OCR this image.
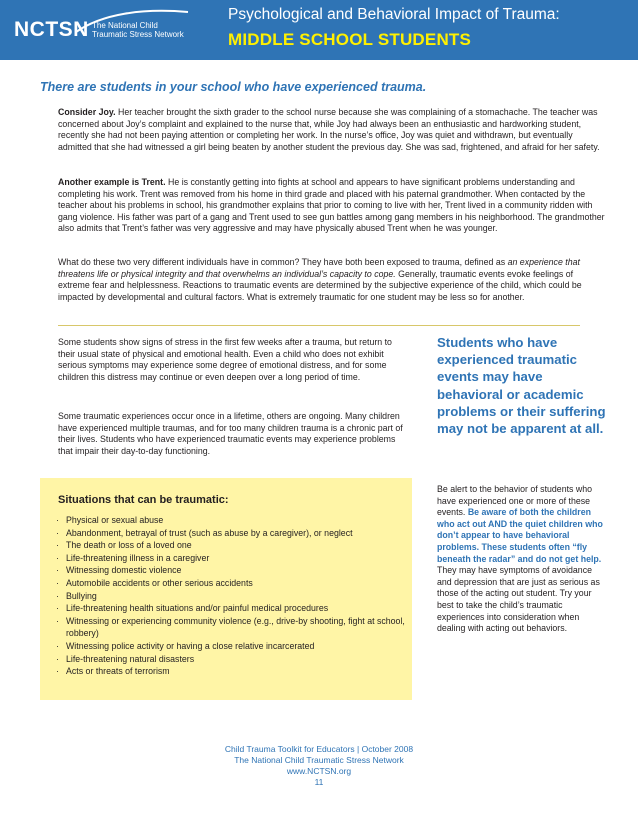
NCTSN The National Child
Traumatic Stress Network
Psychological and Behavioral Impact of Trauma:
MIDDLE SCHOOL STUDENTS
There are students in your school who have experienced trauma.
Consider Joy. Her teacher brought the sixth grader to the school nurse because she was complaining of a stomachache. The teacher was concerned about Joy’s complaint and explained to the nurse that, while Joy had always been an enthusiastic and hardworking student, recently she had not been paying attention or completing her work. In the nurse’s office, Joy was quiet and withdrawn, but eventually admitted that she had witnessed a girl being beaten by another student the previous day. She was sad, frightened, and afraid for her safety.
Another example is Trent. He is constantly getting into fights at school and appears to have significant problems understanding and completing his work. Trent was removed from his home in third grade and placed with his paternal grandmother. When contacted by the teacher about his problems in school, his grandmother explains that prior to coming to live with her, Trent lived in a community ridden with gang violence. His father was part of a gang and Trent used to see gun battles among gang members in his neighborhood. The grandmother also admits that Trent’s father was very aggressive and may have physically abused Trent when he was younger.
What do these two very different individuals have in common? They have both been exposed to trauma, defined as an experience that threatens life or physical integrity and that overwhelms an individual’s capacity to cope. Generally, traumatic events evoke feelings of extreme fear and helplessness. Reactions to traumatic events are determined by the subjective experience of the child, which could be impacted by developmental and cultural factors. What is extremely traumatic for one student may be less so for another.
Some students show signs of stress in the first few weeks after a trauma, but return to their usual state of physical and emotional health. Even a child who does not exhibit serious symptoms may experience some degree of emotional distress, and for some children this distress may continue or even deepen over a long period of time.
Some traumatic experiences occur once in a lifetime, others are ongoing. Many children have experienced multiple traumas, and for too many children trauma is a chronic part of their lives. Students who have experienced traumatic events may experience problems that impair their day-to-day functioning.
Students who have experienced traumatic events may have behavioral or academic problems or their suffering may not be apparent at all.
Be alert to the behavior of students who have experienced one or more of these events. Be aware of both the children who act out AND the quiet children who don’t appear to have behavioral problems. These students often “fly beneath the radar” and do not get help. They may have symptoms of avoidance and depression that are just as serious as those of the acting out student. Try your best to take the child’s traumatic experiences into consideration when dealing with acting out behaviors.
Situations that can be traumatic:
· Physical or sexual abuse
· Abandonment, betrayal of trust (such as abuse by a caregiver), or neglect
· The death or loss of a loved one
· Life-threatening illness in a caregiver
· Witnessing domestic violence
· Automobile accidents or other serious accidents
· Bullying
· Life-threatening health situations and/or painful medical procedures
· Witnessing or experiencing community violence (e.g., drive-by shooting, fight at school, robbery)
· Witnessing police activity or having a close relative incarcerated
· Life-threatening natural disasters
· Acts or threats of terrorism
Child Trauma Toolkit for Educators | October 2008
The National Child Traumatic Stress Network
www.NCTSN.org
11
